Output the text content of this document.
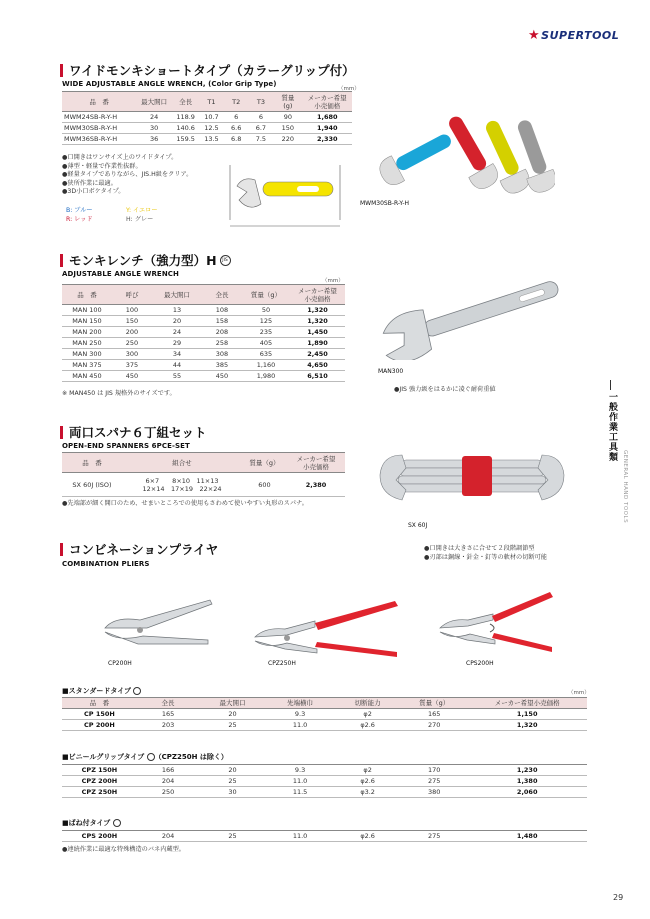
★SUPERTOOL
一般作業工具類
GENERAL HAND TOOLS
ワイドモンキショートタイプ（カラーグリップ付）
WIDE ADJUSTABLE ANGLE WRENCH, (Color Grip Type)
（mm）
品　番	最大開口	全長	T1	T2	T3	質量
(g)	メーカー希望
小売価格
MWM24SB-R-Y-H	24	118.9	10.7	6	6	90	1,680
MWM30SB-R-Y-H	30	140.6	12.5	6.6	6.7	150	1,940
MWM36SB-R-Y-H	36	159.5	13.5	6.8	7.5	220	2,330
●口開きはワンサイズ上のワイドタイプ。
●薄型・軽量で作業性抜群。
●軽量タイプでありながら、JIS.H級をクリア。
●狭所作業に最適。
●3D小口ボケタイプ。
B: ブルー	Y: イエロー
R: レッド	H: グレー
MWM30SB-R-Y-H
モンキレンチ（強力型）H	JIS
ADJUSTABLE ANGLE WRENCH
（mm）
品　番	呼び	最大開口	全長	質量（g）	メーカー希望
小売価格
MAN 100	100	13	108	50	1,320
MAN 150	150	20	158	125	1,320
MAN 200	200	24	208	235	1,450
MAN 250	250	29	258	405	1,890
MAN 300	300	34	308	635	2,450
MAN 375	375	44	385	1,160	4,650
MAN 450	450	55	450	1,980	6,510
※ MAN450 は JIS 規格外のサイズです。
MAN300
●JIS 強力級をはるかに凌ぐ耐荷重値
両口スパナ６丁組セット
OPEN-END SPANNERS 6PCE-SET
品　番	組合せ	質量（g）	メーカー希望
小売価格
SX 60J (ISO)	6×7　　8×10　11×13
12×14　17×19　22×24	600	2,380
●先端部が細く開口のため、せまいところでの使用もさわめて使いやすい丸形のスパナ。
SX 60J
コンビネーションプライヤ
COMBINATION PLIERS
●口開きは大きさに合せて２段階調節型
●刃部は銅線・針金・釘等の軟材の切断可能
CP200H	CPZ250H	CPS200H
（mm）
■スタンダードタイプ
品　番	全長	最大開口	先端横巾	切断能力	質量（g）	メーカー希望小売価格
CP 150H	165	20	9.3	φ2	165	1,150
CP 200H	203	25	11.0	φ2.6	270	1,320
■ビニールグリップタイプ （CPZ250H は除く）
CPZ 150H	166	20	9.3	φ2	170	1,230
CPZ 200H	204	25	11.0	φ2.6	275	1,380
CPZ 250H	250	30	11.5	φ3.2	380	2,060
■ばね付タイプ
CPS 200H	204	25	11.0	φ2.6	275	1,480
●連続作業に最適な特殊構造のバネ内蔵型。
29
